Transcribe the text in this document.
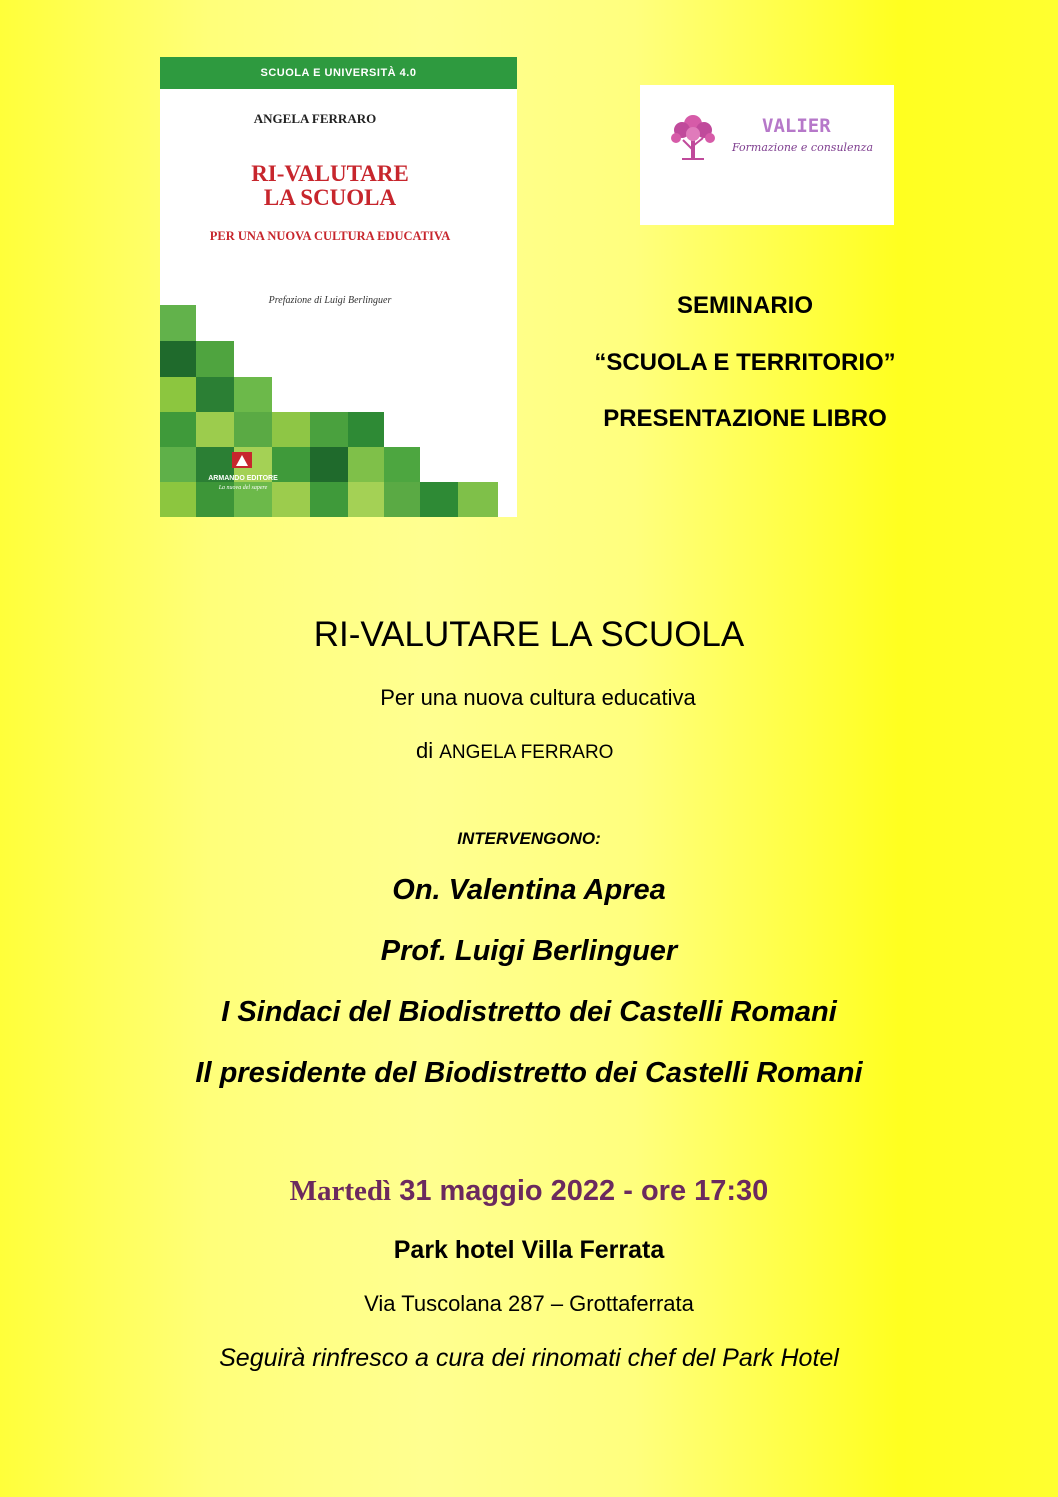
SCUOLA E UNIVERSITÀ 4.0
ANGELA FERRARO
RI-VALUTARE
LA SCUOLA
PER UNA NUOVA CULTURA EDUCATIVA
Prefazione di Luigi Berlinguer
ARMANDO EDITORE
La nuova del sapere
VALIER
Formazione e consulenza
SEMINARIO
“SCUOLA E TERRITORIO”
PRESENTAZIONE LIBRO
RI-VALUTARE LA SCUOLA
Per una nuova cultura educativa
di ANGELA FERRARO
INTERVENGONO:
On. Valentina Aprea
Prof. Luigi Berlinguer
I Sindaci del Biodistretto dei Castelli Romani
Il presidente del Biodistretto dei Castelli Romani
Martedì 31 maggio 2022 - ore 17:30
Park hotel Villa Ferrata
Via Tuscolana 287 – Grottaferrata
Seguirà rinfresco a cura dei rinomati chef del Park Hotel
